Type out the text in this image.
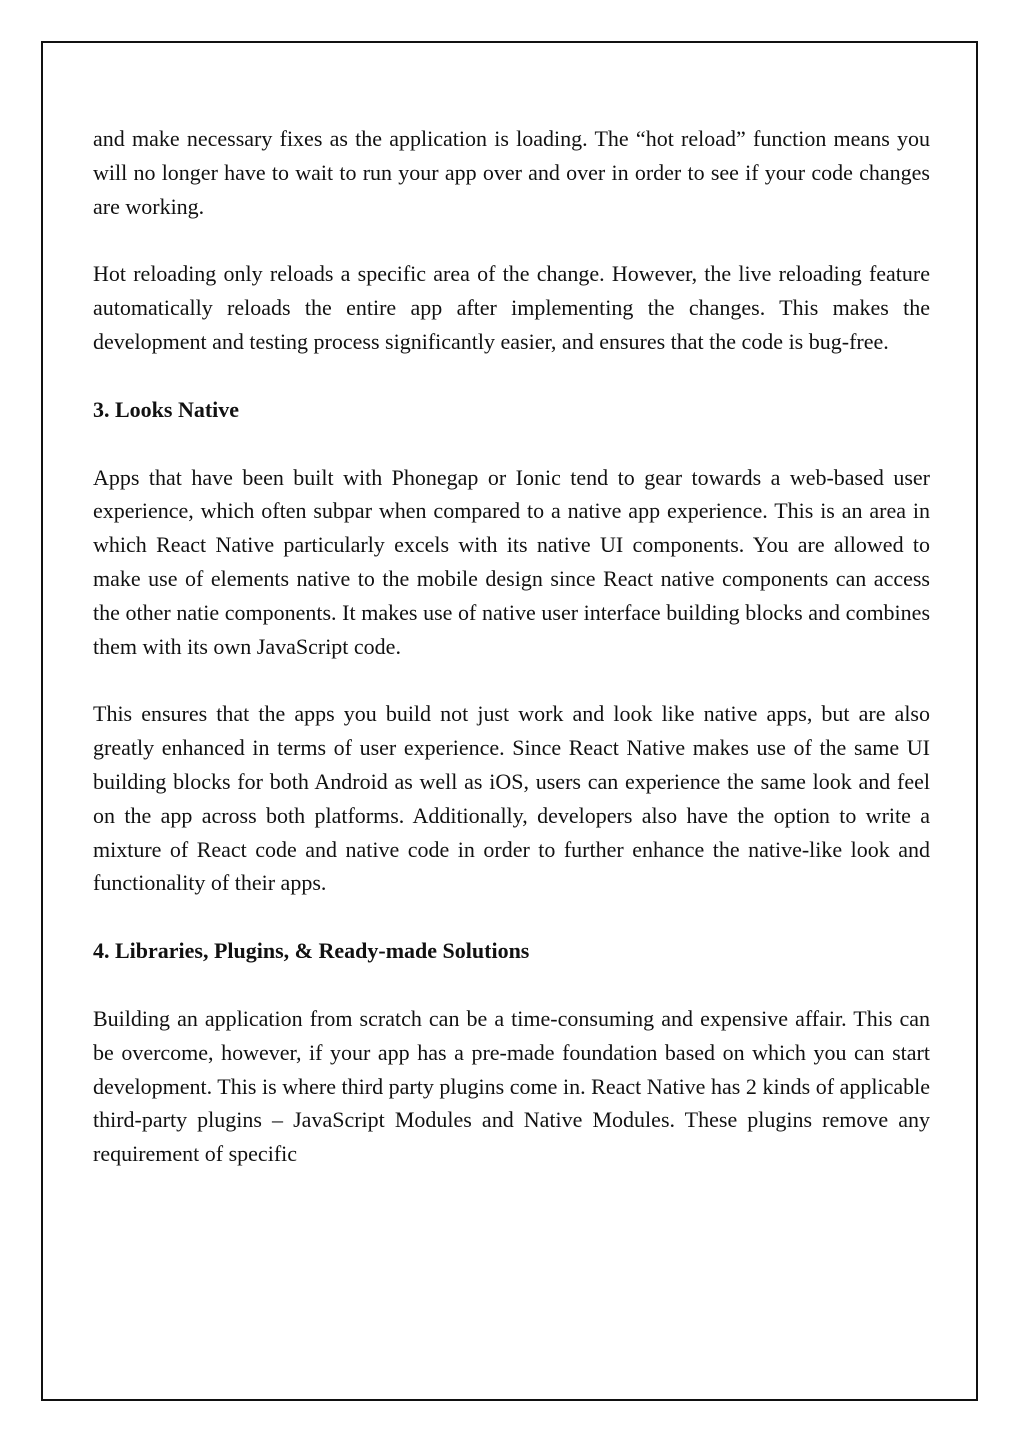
and make necessary fixes as the application is loading. The “hot reload” function means you will no longer have to wait to run your app over and over in order to see if your code changes are working.

Hot reloading only reloads a specific area of the change. However, the live reloading feature automatically reloads the entire app after implementing the changes. This makes the development and testing process significantly easier, and ensures that the code is bug-free.

3. Looks Native

Apps that have been built with Phonegap or Ionic tend to gear towards a web-based user experience, which often subpar when compared to a native app experience. This is an area in which React Native particularly excels with its native UI components. You are allowed to make use of elements native to the mobile design since React native components can access the other natie components. It makes use of native user interface building blocks and combines them with its own JavaScript code.

This ensures that the apps you build not just work and look like native apps, but are also greatly enhanced in terms of user experience. Since React Native makes use of the same UI building blocks for both Android as well as iOS, users can experience the same look and feel on the app across both platforms. Additionally, developers also have the option to write a mixture of React code and native code in order to further enhance the native-like look and functionality of their apps.

4. Libraries, Plugins, & Ready-made Solutions

Building an application from scratch can be a time-consuming and expensive affair. This can be overcome, however, if your app has a pre-made foundation based on which you can start development. This is where third party plugins come in. React Native has 2 kinds of applicable third-party plugins – JavaScript Modules and Native Modules. These plugins remove any requirement of specific
